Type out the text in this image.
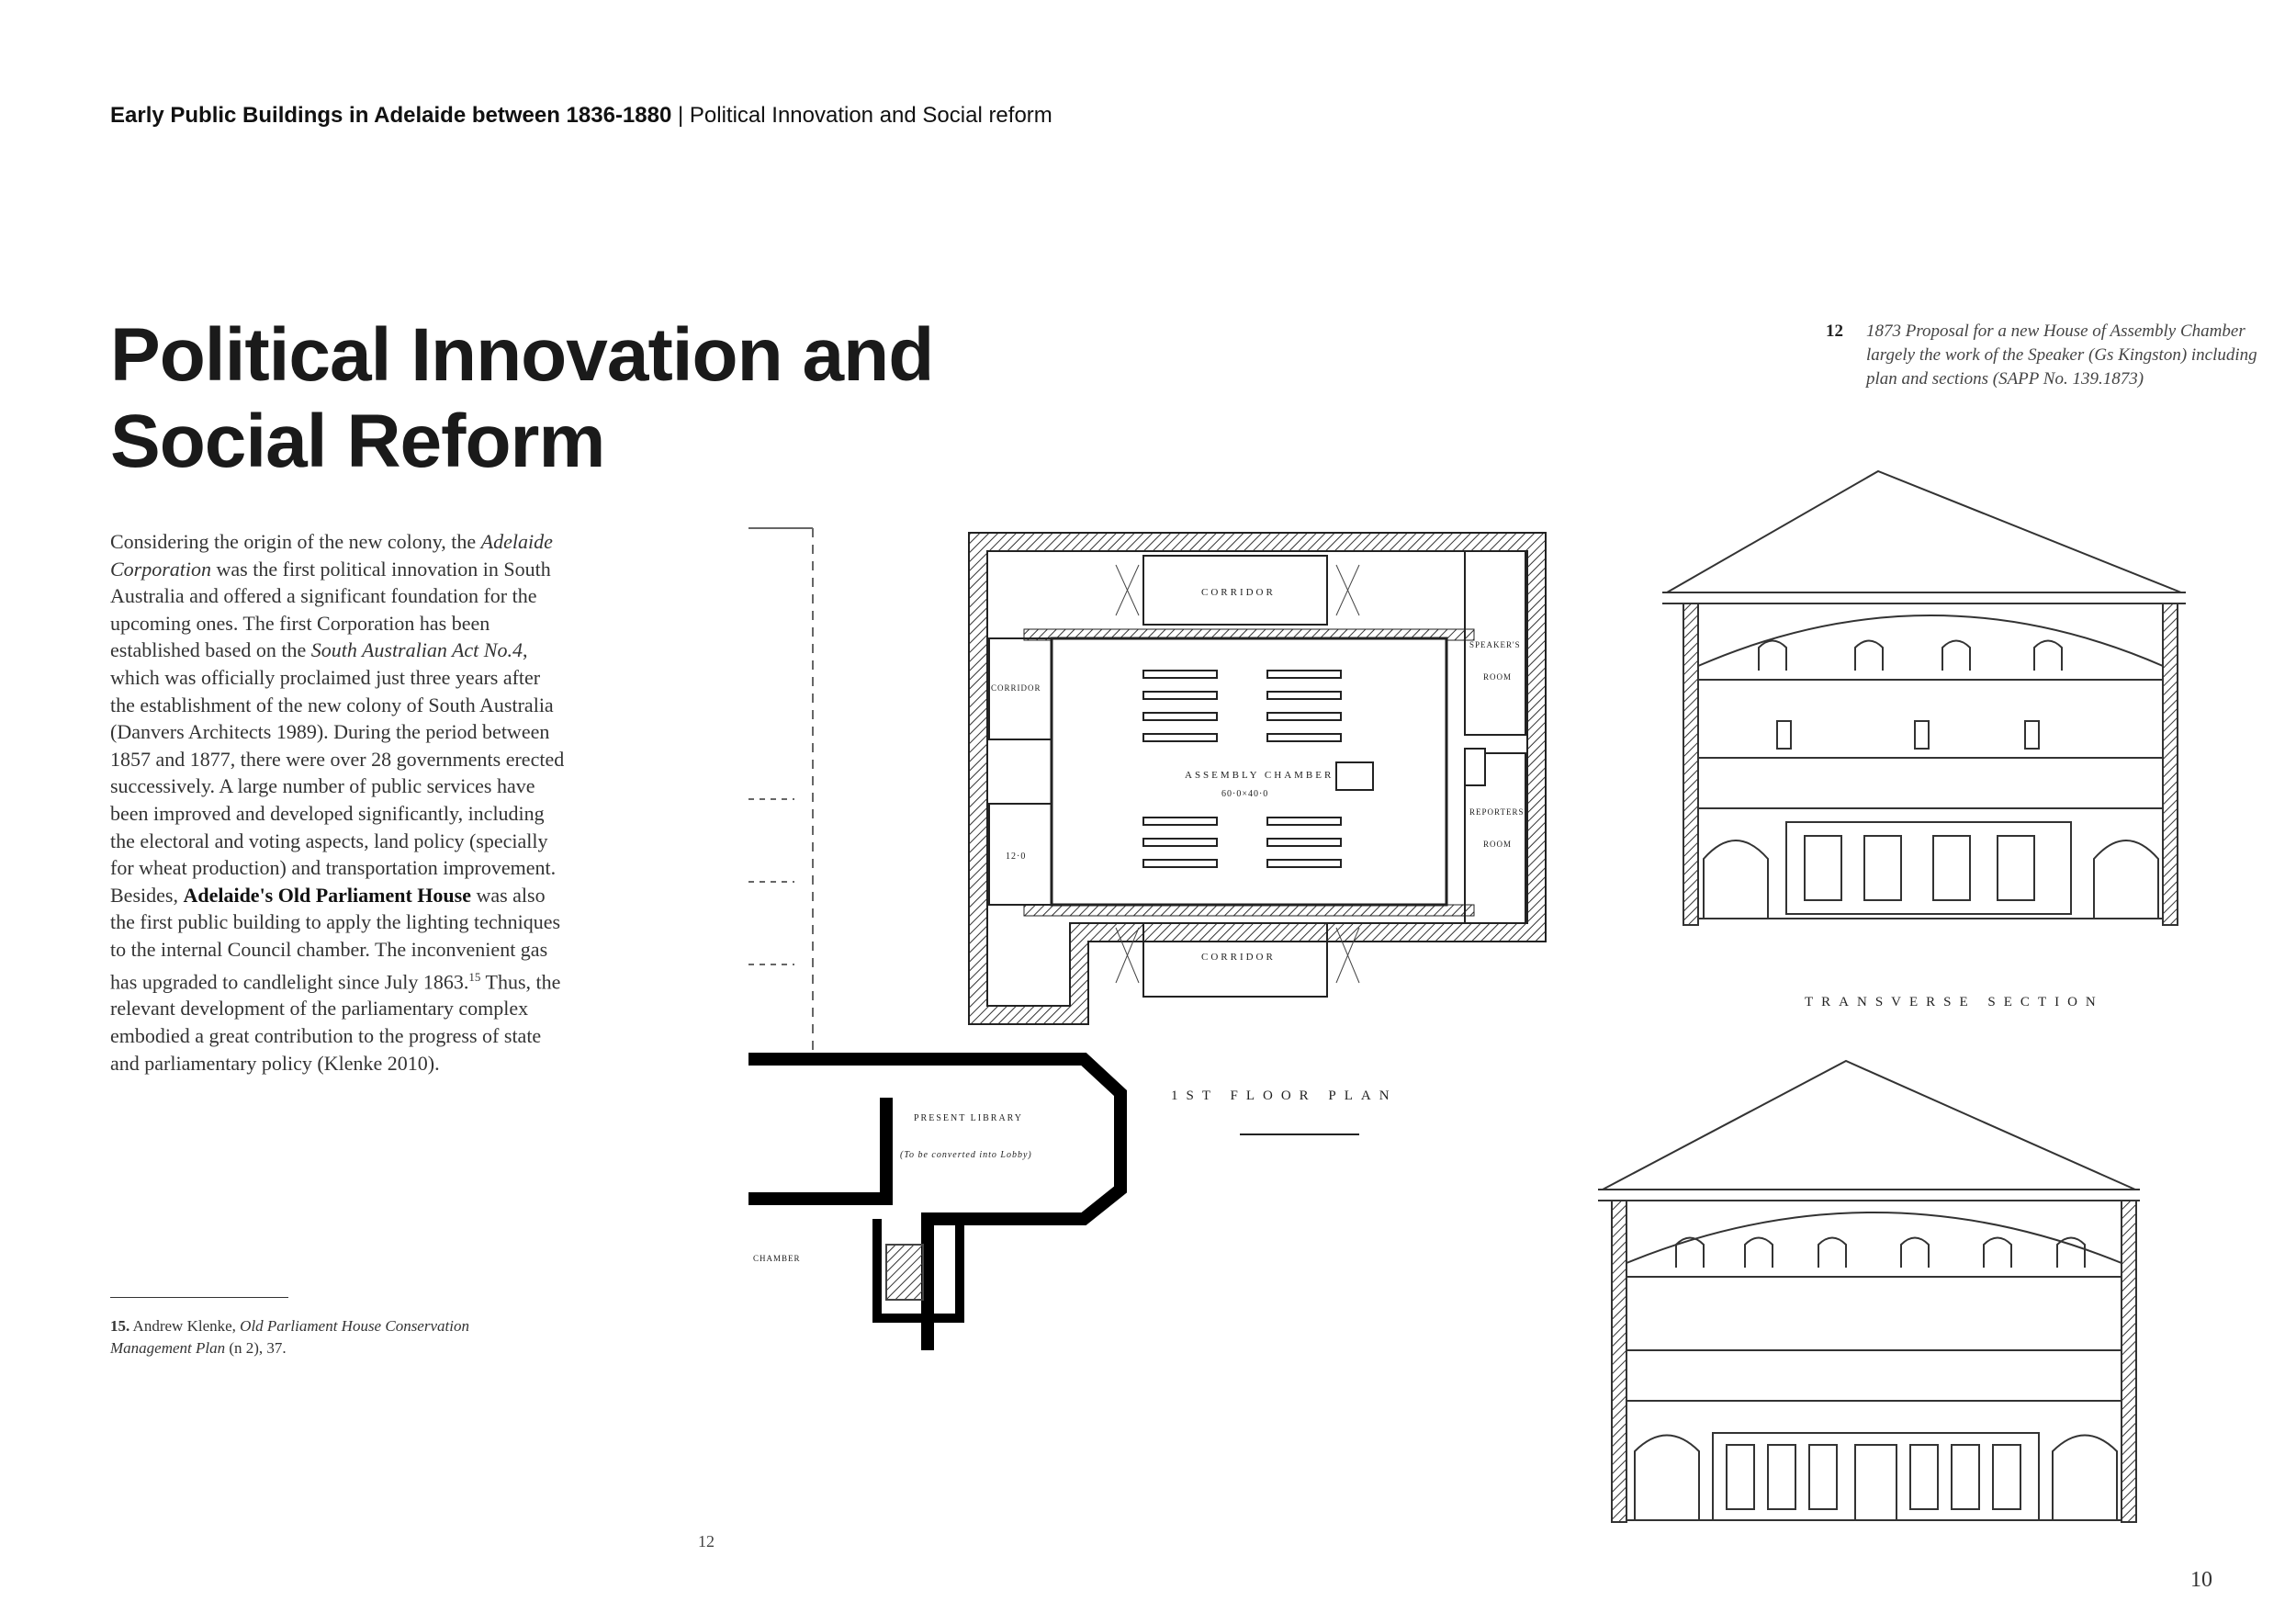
Early Public Buildings in Adelaide between 1836-1880 | Political Innovation and Social reform
Political Innovation and
Social Reform
Considering the origin of the new colony, the Adelaide Corporation was the first political innovation in South Australia and offered a significant foundation for the upcoming ones. The first Corporation has been established based on the South Australian Act No.4, which was officially proclaimed just three years after the establishment of the new colony of South Australia (Danvers Architects 1989). During the period between 1857 and 1877, there were over 28 governments erected successively. A large number of public services have been improved and developed significantly, including the electoral and voting aspects, land policy (specially for wheat production) and transportation improvement. Besides, Adelaide's Old Parliament House was also the first public building to apply the lighting techniques to the internal Council chamber. The inconvenient gas has upgraded to candlelight since July 1863.15 Thus, the relevant development of the parliamentary complex embodied a great contribution to the progress of state and parliamentary policy (Klenke 2010).
15. Andrew Klenke, Old Parliament House Conservation Management Plan (n 2), 37.
12 1873 Proposal for a new House of Assembly Chamber largely the work of the Speaker (Gs Kingston) including plan and sections (SAPP No. 139.1873)
CORRIDOR
CORRIDOR
CORRIDOR
ASSEMBLY CHAMBER
60·0×40·0
SPEAKER'S
ROOM
REPORTERS'
ROOM
12·0
PRESENT LIBRARY
(To be converted into Lobby)
CHAMBER
1ST FLOOR PLAN
TRANSVERSE SECTION
12
10
